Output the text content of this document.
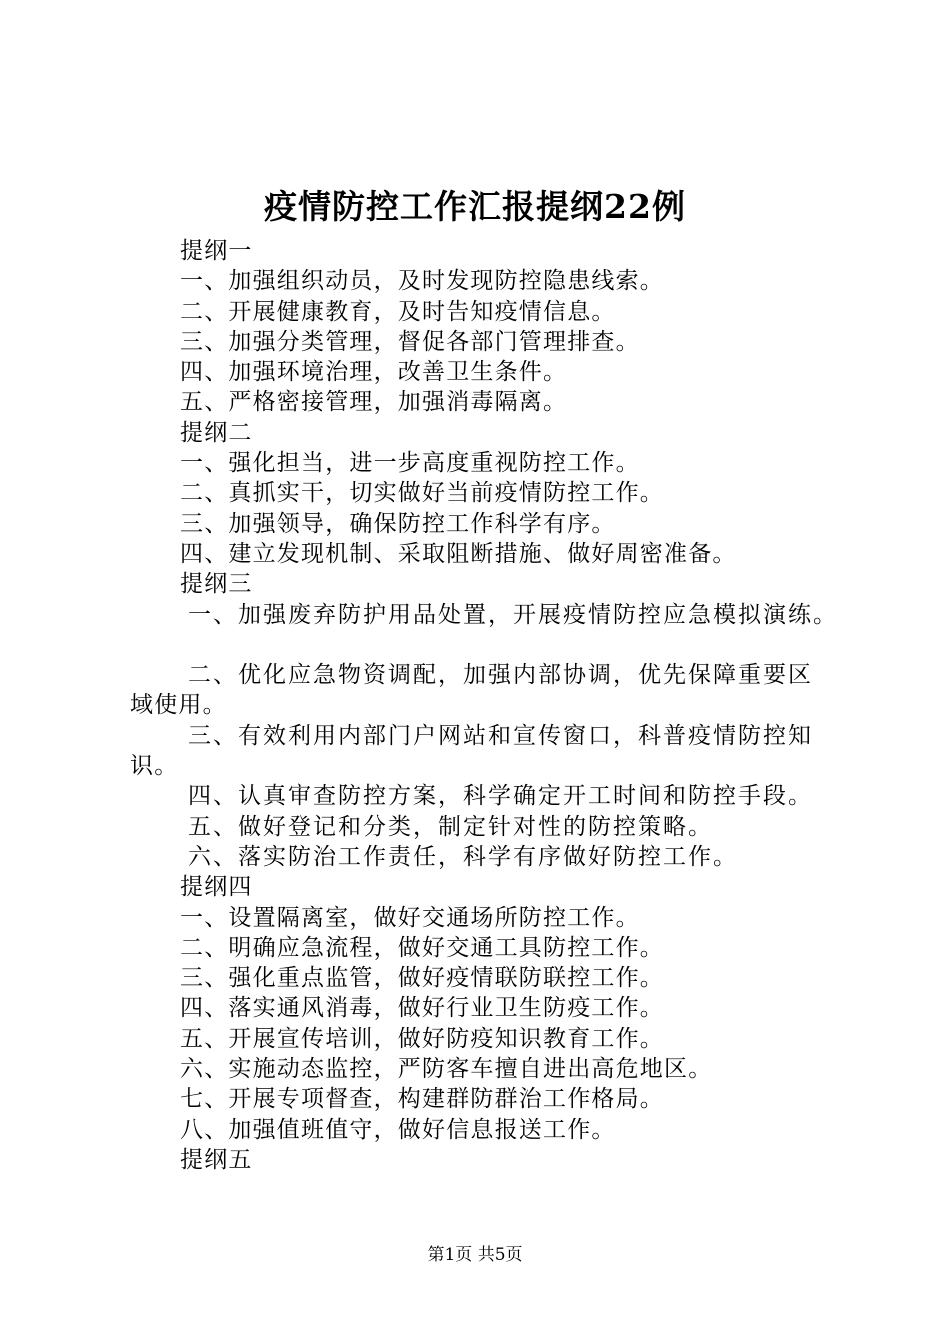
疫情防控工作汇报提纲22例
提纲一
一、加强组织动员，及时发现防控隐患线索。
二、开展健康教育，及时告知疫情信息。
三、加强分类管理，督促各部门管理排查。
四、加强环境治理，改善卫生条件。
五、严格密接管理，加强消毒隔离。
提纲二
一、强化担当，进一步高度重视防控工作。
二、真抓实干，切实做好当前疫情防控工作。
三、加强领导，确保防控工作科学有序。
四、建立发现机制、采取阻断措施、做好周密准备。
提纲三
一、加强废弃防护用品处置，开展疫情防控应急模拟演练。
二、优化应急物资调配，加强内部协调，优先保障重要区
域使用。
三、有效利用内部门户网站和宣传窗口，科普疫情防控知
识。
四、认真审查防控方案，科学确定开工时间和防控手段。
五、做好登记和分类，制定针对性的防控策略。
六、落实防治工作责任，科学有序做好防控工作。
提纲四
一、设置隔离室，做好交通场所防控工作。
二、明确应急流程，做好交通工具防控工作。
三、强化重点监管，做好疫情联防联控工作。
四、落实通风消毒，做好行业卫生防疫工作。
五、开展宣传培训，做好防疫知识教育工作。
六、实施动态监控，严防客车擅自进出高危地区。
七、开展专项督查，构建群防群治工作格局。
八、加强值班值守，做好信息报送工作。
提纲五
第1页 共5页
